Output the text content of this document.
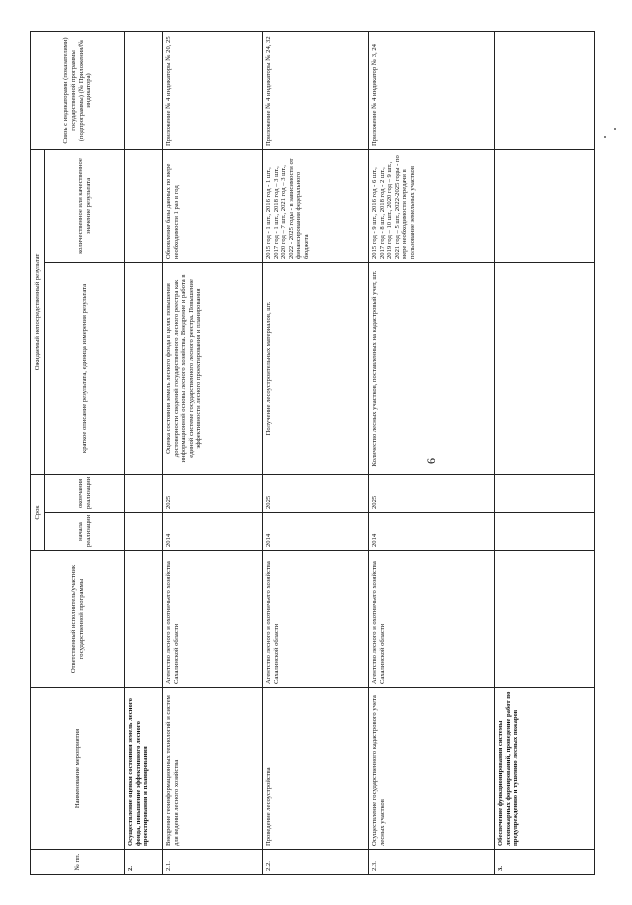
6
№ пп.	Наименование мероприятия	Ответственный исполнитель/участник государственной программы	Срок		Ожидаемый непосредственный результат		Связь с индикаторами (показателями) государственной программы (подпрограммы) (№ Приложения/№ индикатора)
			начала реализации	окончания реализации	краткое описание результата, единица измерения результата	количественное или качественное значение результата	
2.	Осуществление оценки состояния земель лесного фонда, повышение эффективного лесного проектирования и планирования						
2.1.	Внедрение геоинформационных технологий и систем для ведения лесного хозяйства	Агентство лесного и охотничьего хозяйства Сахалинской области	2014	2025	Оценка состояния земель лесного фонда в целях повышения достоверности сведений государственного лесного реестра как информационной основы лесного хозяйства. Внедрение и работа в единой системе государственного лесного реестра. Повышение эффективности лесного проектирования и планирования	Обновление базы данных по мере необходимости 1 раз в год	Приложение № 4 индикаторы № 20, 25
2.2.	Проведение лесоустройства	Агентство лесного и охотничьего хозяйства Сахалинской области	2014	2025	Получение лесоустроительных материалов, шт.	2015 год - 1 шт., 2016 год - 1 шт., 2017 год - 1 шт., 2018 год – 3 шт., 2020 год – 7 шт., 2021 год – 3 шт., 2022 - 2025 годы - в зависимости от финансирования федерального бюджета	Приложение № 4 индикаторы № 24, 32
2.3.	Осуществление государственного кадастрового учета лесных участков	Агентство лесного и охотничьего хозяйства Сахалинской области	2014	2025	Количество лесных участков, поставленных на кадастровый учет, шт.	2015 год - 9 шт., 2016 год - 6 шт., 2017 год - 8 шт., 2018 год - 2 шт., 2019 год – 10 шт., 2020 год – 9 шт., 2021 год – 5 шт., 2022-2025 годы - по мере необходимости передачи в пользование земельных участков	Приложение № 4 индикатор № 3, 24
3.	Обеспечение функционирования системы лесопожарных формирований, проведение работ по предупреждению и тушению лесных пожаров						
